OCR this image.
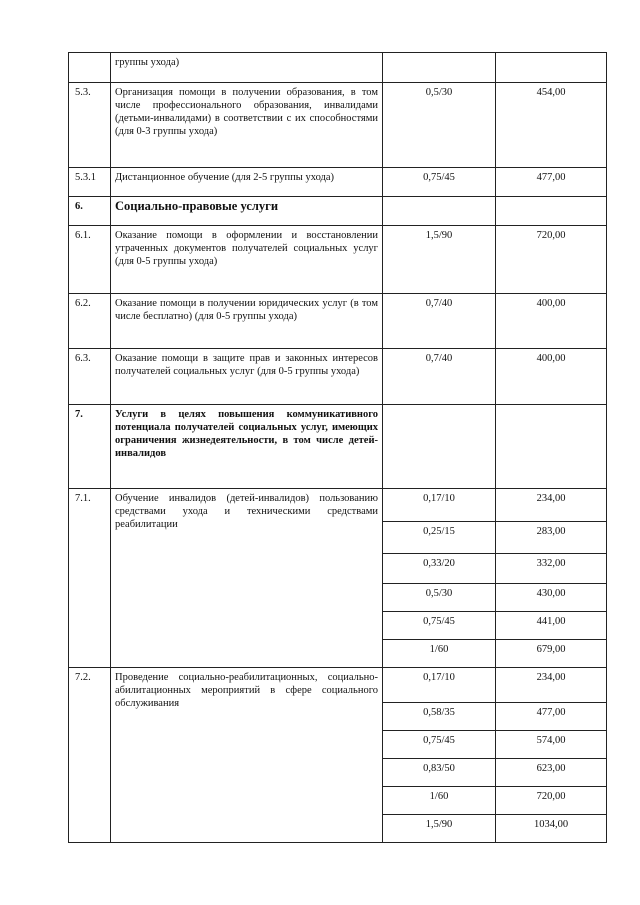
	группы ухода)		
5.3.	Организация помощи в получении образования, в том числе профессионального образования, инвалидами (детьми-инвалидами) в соответствии с их способностями (для 0-3 группы ухода)	0,5/30	454,00
5.3.1	Дистанционное обучение (для 2-5 группы ухода)	0,75/45	477,00
6.	Социально-правовые услуги		
6.1.	Оказание помощи в оформлении и восстановлении утраченных документов получателей социальных услуг (для 0-5 группы ухода)	1,5/90	720,00
6.2.	Оказание помощи в получении юридических услуг (в том числе бесплатно) (для 0-5 группы ухода)	0,7/40	400,00
6.3.	Оказание помощи в защите прав и законных интересов получателей социальных услуг (для 0-5 группы ухода)	0,7/40	400,00
7.	Услуги в целях повышения коммуникативного потенциала получателей социальных услуг, имеющих ограничения жизнедеятельности, в том числе детей-инвалидов		
7.1.	Обучение инвалидов (детей-инвалидов) пользованию средствами ухода и техническими средствами реабилитации	0,17/10	234,00
		0,25/15	283,00
		0,33/20	332,00
		0,5/30	430,00
		0,75/45	441,00
		1/60	679,00
7.2.	Проведение социально-реабилитационных, социально-абилитационных мероприятий в сфере социального обслуживания	0,17/10	234,00
		0,58/35	477,00
		0,75/45	574,00
		0,83/50	623,00
		1/60	720,00
		1,5/90	1034,00
